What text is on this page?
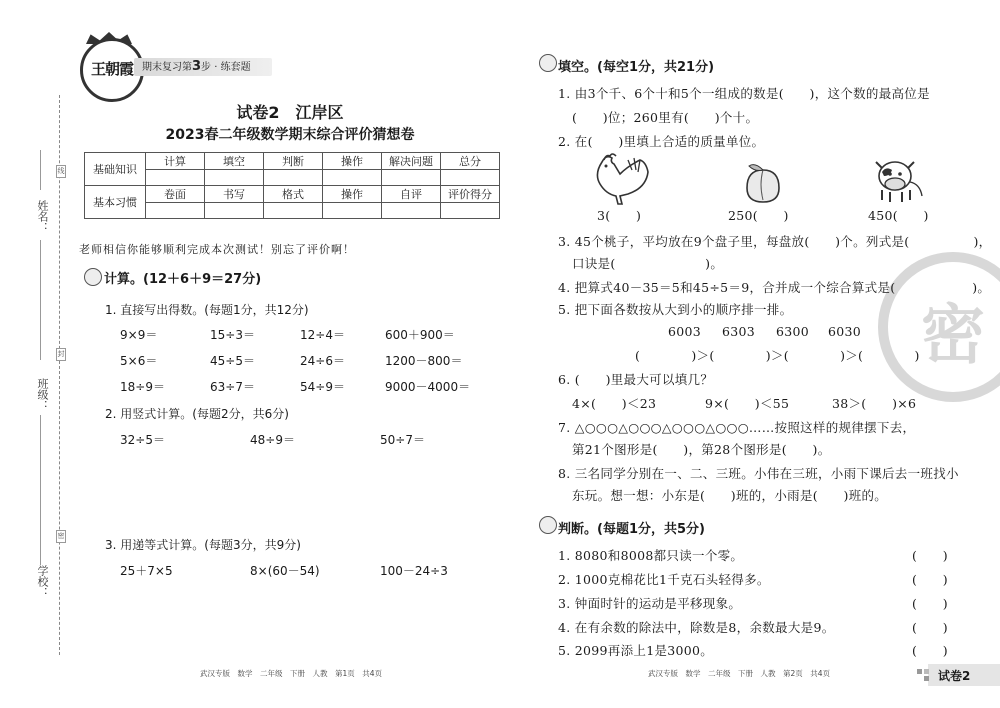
姓名：
班级：
学校：
线
封
密
王朝霞 期末复习第3步 · 练套题
试卷2　江岸区
2023春二年级数学期末综合评价猜想卷
基础知识	计算	填空	判断	操作	解决问题	总分

基本习惯	卷面	书写	格式	操作	自评	评价得分

老师相信你能够顺利完成本次测试！别忘了评价啊！
计算。(12＋6＋9＝27分)
1. 直接写出得数。(每题1分，共12分)
9×9＝	15÷3＝	12÷4＝	600＋900＝
5×6＝	45÷5＝	24÷6＝	1200－800＝
18÷9＝	63÷7＝	54÷9＝	9000－4000＝
2. 用竖式计算。(每题2分，共6分)
32÷5＝	48÷9＝	50÷7＝
3. 用递等式计算。(每题3分，共9分)
25＋7×5	8×(60－54)	100－24÷3
武汉专版　数学　二年级　下册　人教　第1页　共4页
密
填空。(每空1分，共21分)
1. 由3个千、6个十和5个一组成的数是(　　)，这个数的最高位是
(　　)位；260里有(　　)个十。
2. 在(　　)里填上合适的质量单位。
3(　　)	250(　　)	450(　　)
3. 45个桃子，平均放在9个盘子里，每盘放(　　)个。列式是(　　　　　)，
口诀是(　　　　　　　)。
4. 把算式40－35＝5和45÷5＝9，合并成一个综合算式是(　　　　　　)。
5. 把下面各数按从大到小的顺序排一排。
6003 6303 6300 6030
(　　　　)＞(　　　　)＞(　　　　)＞(　　　　)
6. (　　)里最大可以填几？
4×(　　)＜23	9×(　　)＜55	38＞(　　)×6
7. △○○○△○○○△○○○△○○○……按照这样的规律摆下去，
第21个图形是(　　)，第28个图形是(　　)。
8. 三名同学分别在一、二、三班。小伟在三班，小雨下课后去一班找小
东玩。想一想：小东是(　　)班的，小雨是(　　)班的。
判断。(每题1分，共5分)
1. 8080和8008都只读一个零。	(　　)
2. 1000克棉花比1千克石头轻得多。	(　　)
3. 钟面时针的运动是平移现象。	(　　)
4. 在有余数的除法中，除数是8，余数最大是9。	(　　)
5. 2099再添上1是3000。	(　　)
武汉专版　数学　二年级　下册　人教　第2页　共4页	试卷2
